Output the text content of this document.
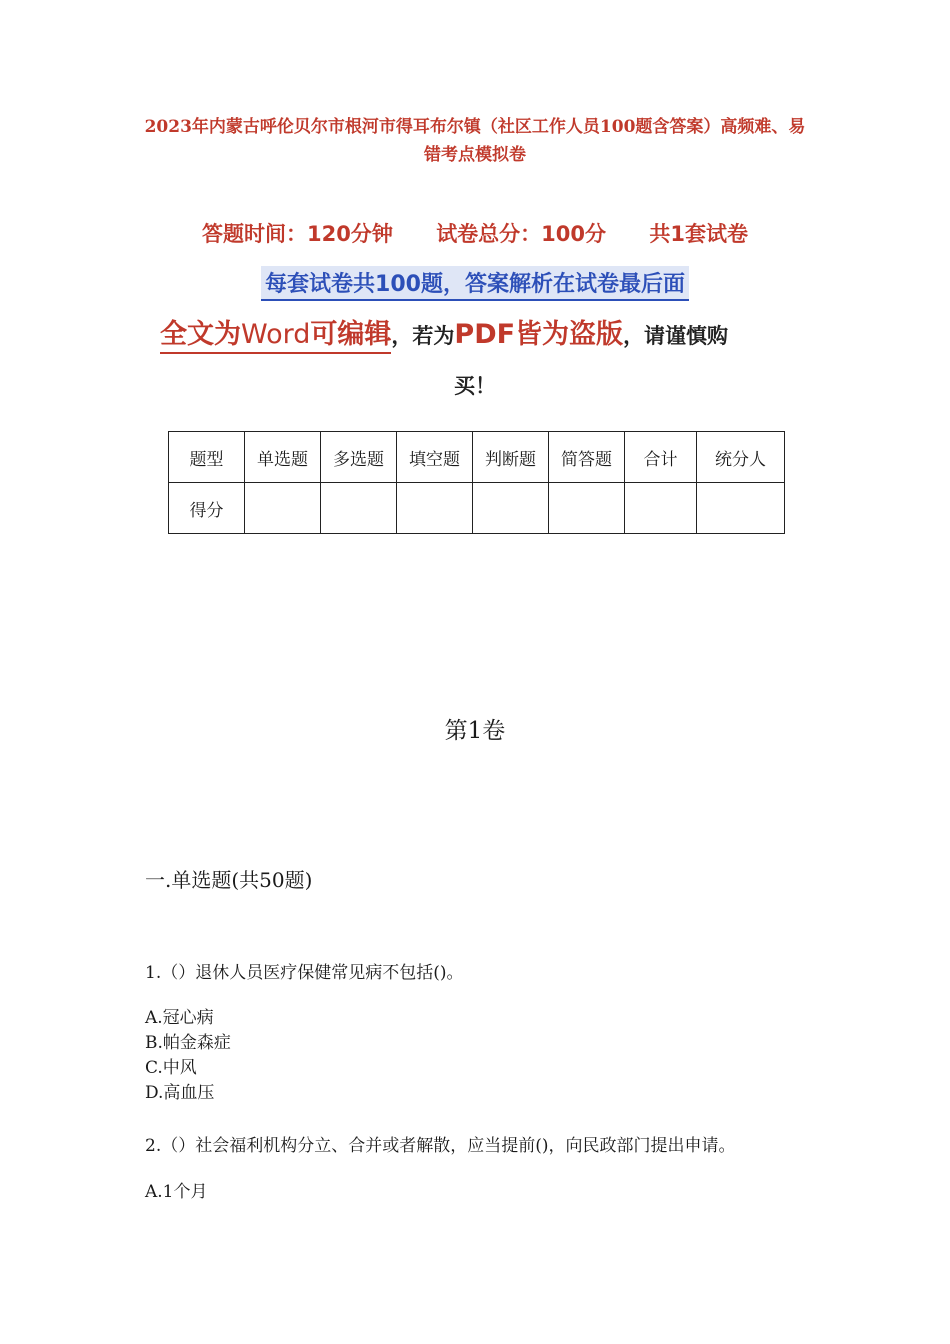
2023年内蒙古呼伦贝尔市根河市得耳布尔镇（社区工作人员100题含答案）高频难、易错考点模拟卷
答题时间：120分钟 试卷总分：100分 共1套试卷
每套试卷共100题，答案解析在试卷最后面
全文为Word可编辑，若为PDF皆为盗版，请谨慎购
买！
题型	单选题	多选题	填空题	判断题	简答题	合计	统分人
得分							
第1卷
一.单选题(共50题)
1.（）退休人员医疗保健常见病不包括()。
A.冠心病
B.帕金森症
C.中风
D.高血压
2.（）社会福利机构分立、合并或者解散，应当提前()，向民政部门提出申请。
A.1个月
